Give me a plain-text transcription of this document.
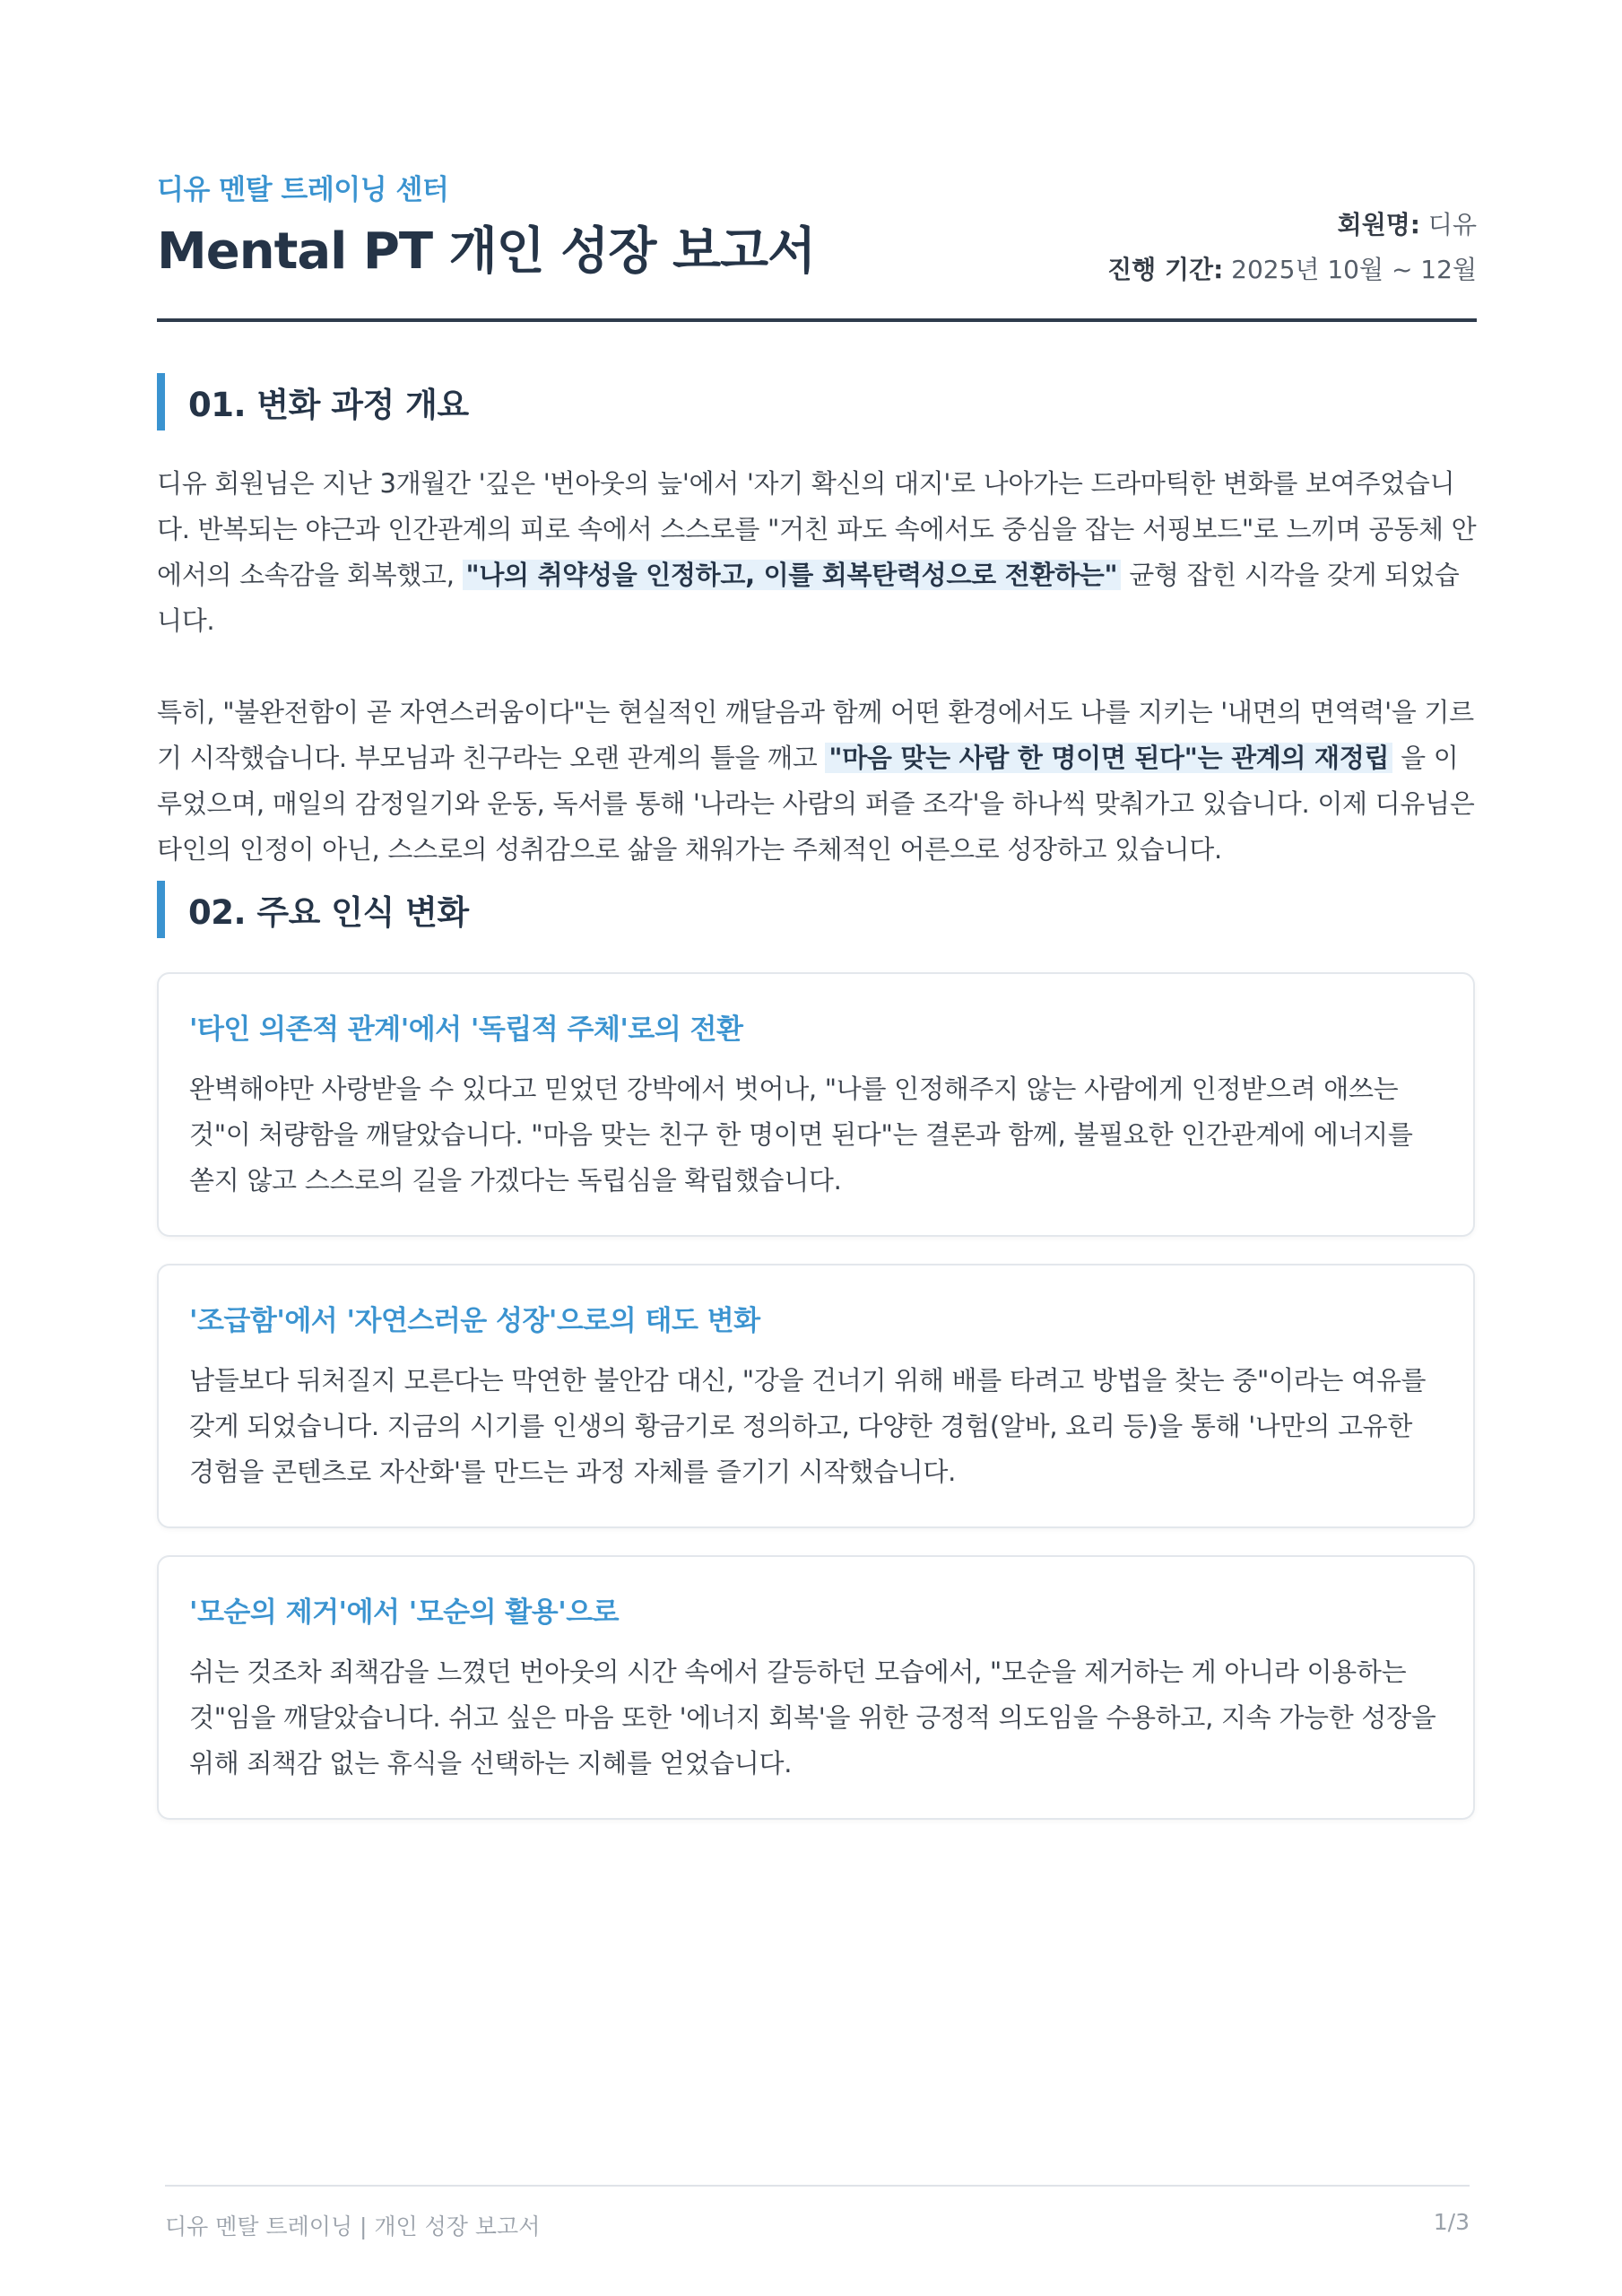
디유 멘탈 트레이닝 센터
Mental PT 개인 성장 보고서	회원명: 디유
진행 기간: 2025년 10월 ~ 12월
01. 변화 과정 개요

디유 회원님은 지난 3개월간 '깊은 '번아웃의 늪'에서 '자기 확신의 대지'로 나아가는 드라마틱한 변화를 보여주었습니다. 반복되는 야근과 인간관계의 피로 속에서 스스로를 "거친 파도 속에서도 중심을 잡는 서핑보드"로 느끼며 공동체 안에서의 소속감을 회복했고, "나의 취약성을 인정하고, 이를 회복탄력성으로 전환하는" 균형 잡힌 시각을 갖게 되었습니다.

특히, "불완전함이 곧 자연스러움이다"는 현실적인 깨달음과 함께 어떤 환경에서도 나를 지키는 '내면의 면역력'을 기르기 시작했습니다. 부모님과 친구라는 오랜 관계의 틀을 깨고 "마음 맞는 사람 한 명이면 된다"는 관계의 재정립 을 이루었으며, 매일의 감정일기와 운동, 독서를 통해 '나라는 사람의 퍼즐 조각'을 하나씩 맞춰가고 있습니다. 이제 디유님은 타인의 인정이 아닌, 스스로의 성취감으로 삶을 채워가는 주체적인 어른으로 성장하고 있습니다.

02. 주요 인식 변화
'타인 의존적 관계'에서 '독립적 주체'로의 전환
완벽해야만 사랑받을 수 있다고 믿었던 강박에서 벗어나, "나를 인정해주지 않는 사람에게 인정받으려 애쓰는 것"이 처량함을 깨달았습니다. "마음 맞는 친구 한 명이면 된다"는 결론과 함께, 불필요한 인간관계에 에너지를 쏟지 않고 스스로의 길을 가겠다는 독립심을 확립했습니다.
'조급함'에서 '자연스러운 성장'으로의 태도 변화
남들보다 뒤처질지 모른다는 막연한 불안감 대신, "강을 건너기 위해 배를 타려고 방법을 찾는 중"이라는 여유를 갖게 되었습니다. 지금의 시기를 인생의 황금기로 정의하고, 다양한 경험(알바, 요리 등)을 통해 '나만의 고유한 경험을 콘텐츠로 자산화'를 만드는 과정 자체를 즐기기 시작했습니다.
'모순의 제거'에서 '모순의 활용'으로
쉬는 것조차 죄책감을 느꼈던 번아웃의 시간 속에서 갈등하던 모습에서, "모순을 제거하는 게 아니라 이용하는 것"임을 깨달았습니다. 쉬고 싶은 마음 또한 '에너지 회복'을 위한 긍정적 의도임을 수용하고, 지속 가능한 성장을 위해 죄책감 없는 휴식을 선택하는 지혜를 얻었습니다.
디유 멘탈 트레이닝 | 개인 성장 보고서	1/3
